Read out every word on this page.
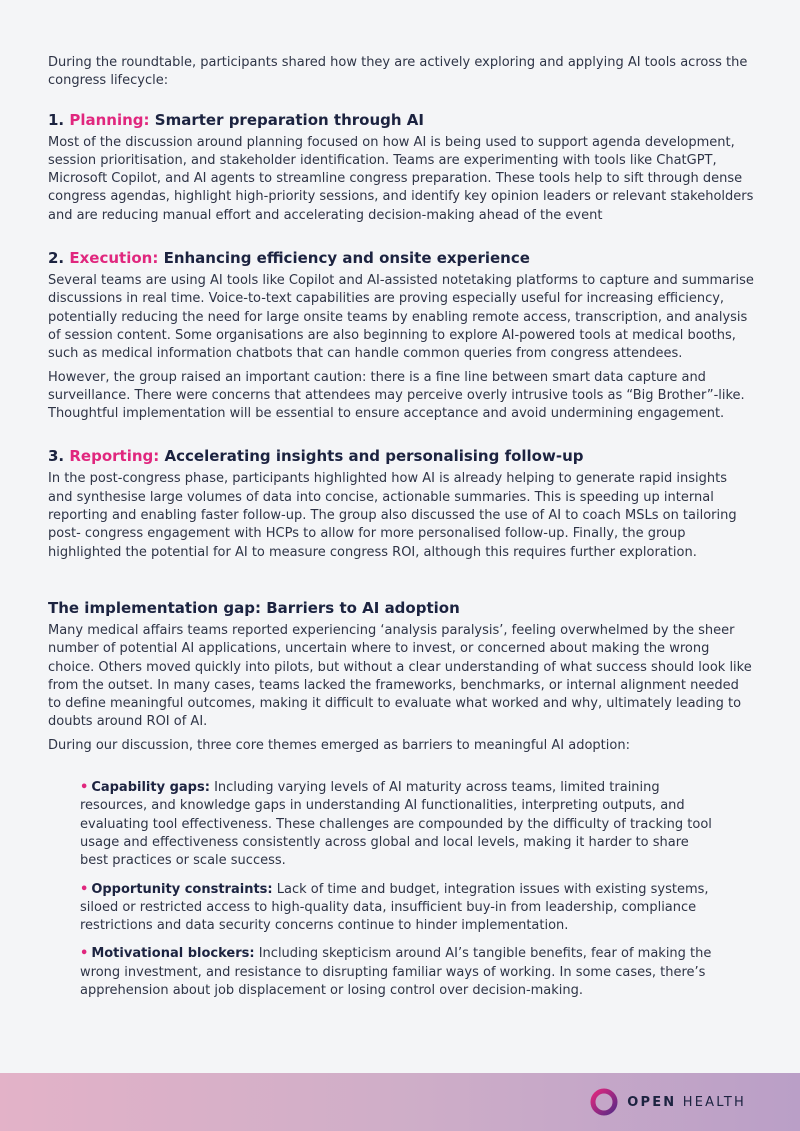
During the roundtable, participants shared how they are actively exploring and applying AI tools across the congress lifecycle:

1. Planning: Smarter preparation through AI

Most of the discussion around planning focused on how AI is being used to support agenda development, session prioritisation, and stakeholder identification. Teams are experimenting with tools like ChatGPT, Microsoft Copilot, and AI agents to streamline congress preparation. These tools help to sift through dense congress agendas, highlight high-priority sessions, and identify key opinion leaders or relevant stakeholders and are reducing manual effort and accelerating decision-making ahead of the event

2. Execution: Enhancing efficiency and onsite experience

Several teams are using AI tools like Copilot and AI-assisted notetaking platforms to capture and summarise discussions in real time. Voice-to-text capabilities are proving especially useful for increasing efficiency, potentially reducing the need for large onsite teams by enabling remote access, transcription, and analysis of session content. Some organisations are also beginning to explore AI-powered tools at medical booths, such as medical information chatbots that can handle common queries from congress attendees.

However, the group raised an important caution: there is a fine line between smart data capture and surveillance. There were concerns that attendees may perceive overly intrusive tools as “Big Brother”-like. Thoughtful implementation will be essential to ensure acceptance and avoid undermining engagement.

3. Reporting: Accelerating insights and personalising follow-up

In the post-congress phase, participants highlighted how AI is already helping to generate rapid insights and synthesise large volumes of data into concise, actionable summaries. This is speeding up internal reporting and enabling faster follow-up. The group also discussed the use of AI to coach MSLs on tailoring post- congress engagement with HCPs to allow for more personalised follow-up. Finally, the group highlighted the potential for AI to measure congress ROI, although this requires further exploration.

The implementation gap: Barriers to AI adoption

Many medical affairs teams reported experiencing ‘analysis paralysis’, feeling overwhelmed by the sheer number of potential AI applications, uncertain where to invest, or concerned about making the wrong choice. Others moved quickly into pilots, but without a clear understanding of what success should look like from the outset. In many cases, teams lacked the frameworks, benchmarks, or internal alignment needed to define meaningful outcomes, making it difficult to evaluate what worked and why, ultimately leading to doubts around ROI of AI.

During our discussion, three core themes emerged as barriers to meaningful AI adoption:

• Capability gaps: Including varying levels of AI maturity across teams, limited training resources, and knowledge gaps in understanding AI functionalities, interpreting outputs, and evaluating tool effectiveness. These challenges are compounded by the difficulty of tracking tool usage and effectiveness consistently across global and local levels, making it harder to share best practices or scale success.

• Opportunity constraints: Lack of time and budget, integration issues with existing systems, siloed or restricted access to high-quality data, insufficient buy-in from leadership, compliance restrictions and data security concerns continue to hinder implementation.

• Motivational blockers: Including skepticism around AI’s tangible benefits, fear of making the wrong investment, and resistance to disrupting familiar ways of working. In some cases, there’s apprehension about job displacement or losing control over decision-making.

OPEN HEALTH
